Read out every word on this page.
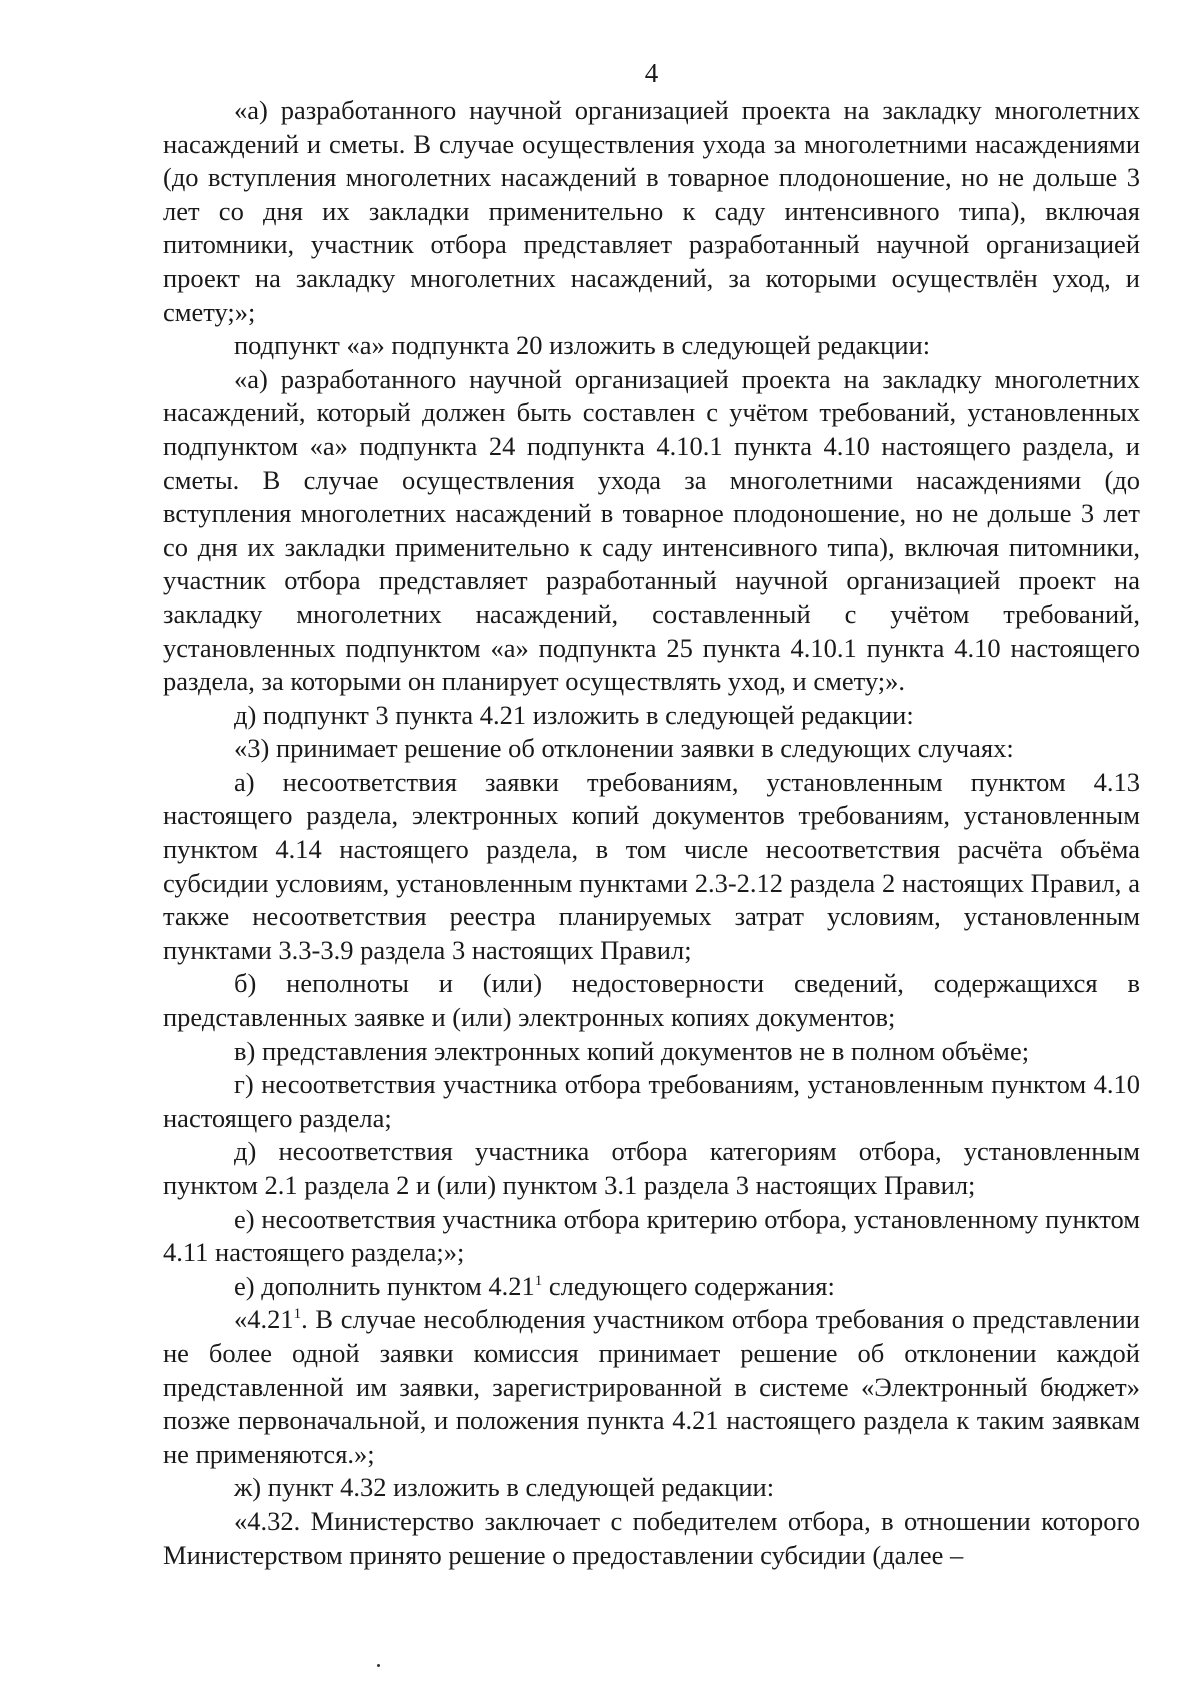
4

«а) разработанного научной организацией проекта на закладку многолетних насаждений и сметы. В случае осуществления ухода за многолетними насаждениями (до вступления многолетних насаждений в товарное плодоношение, но не дольше 3 лет со дня их закладки применительно к саду интенсивного типа), включая питомники, участник отбора представляет разработанный научной организацией проект на закладку многолетних насаждений, за которыми осуществлён уход, и смету;»;

подпункт «а» подпункта 20 изложить в следующей редакции:

«а) разработанного научной организацией проекта на закладку многолетних насаждений, который должен быть составлен с учётом требований, установленных подпунктом «а» подпункта 24 подпункта 4.10.1 пункта 4.10 настоящего раздела, и сметы. В случае осуществления ухода за многолетними насаждениями (до вступления многолетних насаждений в товарное плодоношение, но не дольше 3 лет со дня их закладки применительно к саду интенсивного типа), включая питомники, участник отбора представляет разработанный научной организацией проект на закладку многолетних насаждений, составленный с учётом требований, установленных подпунктом «а» подпункта 25 пункта 4.10.1 пункта 4.10 настоящего раздела, за которыми он планирует осуществлять уход, и смету;».

д) подпункт 3 пункта 4.21 изложить в следующей редакции:

«3) принимает решение об отклонении заявки в следующих случаях:

а) несоответствия заявки требованиям, установленным пунктом 4.13 настоящего раздела, электронных копий документов требованиям, установленным пунктом 4.14 настоящего раздела, в том числе несоответствия расчёта объёма субсидии условиям, установленным пунктами 2.3-2.12 раздела 2 настоящих Правил, а также несоответствия реестра планируемых затрат условиям, установленным пунктами 3.3-3.9 раздела 3 настоящих Правил;

б) неполноты и (или) недостоверности сведений, содержащихся в представленных заявке и (или) электронных копиях документов;

в) представления электронных копий документов не в полном объёме;

г) несоответствия участника отбора требованиям, установленным пунктом 4.10 настоящего раздела;

д) несоответствия участника отбора категориям отбора, установленным пунктом 2.1 раздела 2 и (или) пунктом 3.1 раздела 3 настоящих Правил;

е) несоответствия участника отбора критерию отбора, установленному пунктом 4.11 настоящего раздела;»;

е) дополнить пунктом 4.21$^1$ следующего содержания:

«4.21$^1$. В случае несоблюдения участником отбора требования о представлении не более одной заявки комиссия принимает решение об отклонении каждой представленной им заявки, зарегистрированной в системе «Электронный бюджет» позже первоначальной, и положения пункта 4.21 настоящего раздела к таким заявкам не применяются.»;

ж) пункт 4.32 изложить в следующей редакции:

«4.32. Министерство заключает с победителем отбора, в отношении которого Министерством принято решение о предоставлении субсидии (далее –
